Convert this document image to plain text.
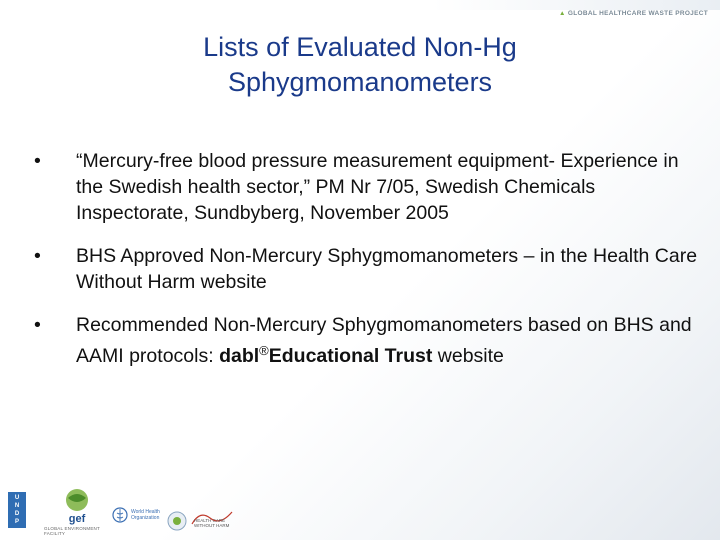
▲ GLOBAL HEALTHCARE WASTE PROJECT
Lists of Evaluated Non-Hg
Sphygmomanometers
•	“Mercury-free blood pressure measurement equipment- Experience in the Swedish health sector,” PM Nr 7/05, Swedish Chemicals Inspectorate, Sundbyberg, November 2005
•	BHS Approved Non-Mercury Sphygmomanometers – in the Health Care Without Harm website
•	Recommended Non-Mercury Sphygmomanometers based on BHS and AAMI protocols: dabl®Educational Trust website
U
N
D
P	gef
GLOBAL ENVIRONMENT FACILITY
World Health
Organization	HEALTH CARE WITHOUT HARM
